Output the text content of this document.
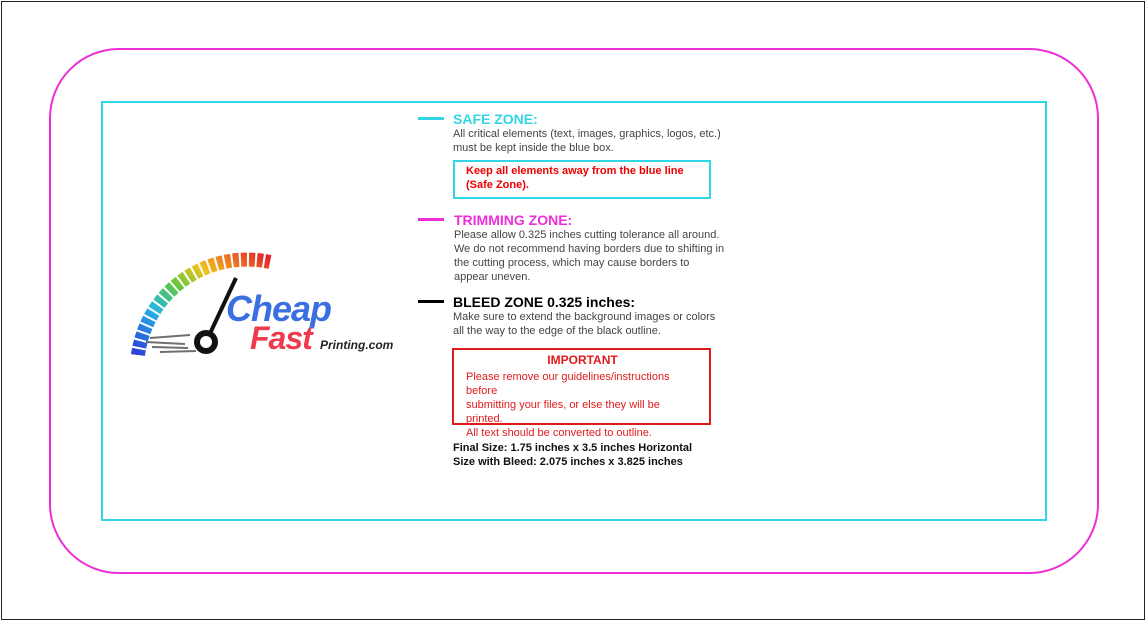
SAFE ZONE:
All critical elements (text, images, graphics, logos, etc.)
must be kept inside the blue box.
Keep all elements away from the blue line
(Safe Zone).
TRIMMING ZONE:
Please allow 0.325 inches cutting tolerance all around.
We do not recommend having borders due to shifting in
the cutting process, which may cause borders to
appear uneven.
BLEED ZONE 0.325 inches:
Make sure to extend the background images or colors
all the way to the edge of the black outline.
IMPORTANT
Please remove our guidelines/instructions before
submitting your files, or else they will be printed.
All text should be converted to outline.
Final Size: 1.75 inches x 3.5 inches Horizontal
Size with Bleed: 2.075 inches x 3.825 inches
Cheap
Fast Printing.com
